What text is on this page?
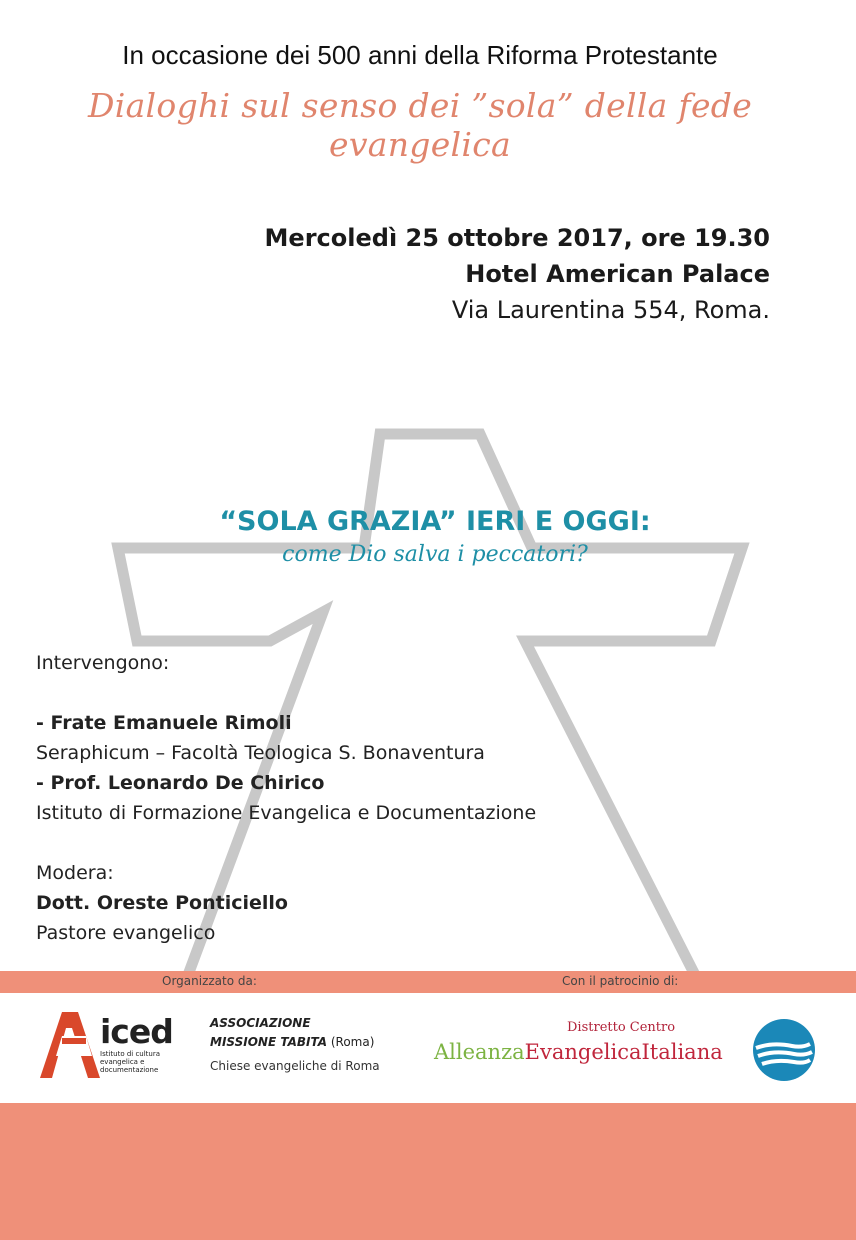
In occasione dei 500 anni della Riforma Protestante
Dialoghi sul senso dei ”sola” della fede evangelica
Mercoledì 25 ottobre 2017, ore 19.30
Hotel American Palace
Via Laurentina 554, Roma.
“SOLA GRAZIA” IERI E OGGI:
come Dio salva i peccatori?
Intervengono:
- Frate Emanuele Rimoli
Seraphicum – Facoltà Teologica S. Bonaventura
- Prof. Leonardo De Chirico
Istituto di Formazione Evangelica e Documentazione
Modera:
Dott. Oreste Ponticiello
Pastore evangelico
Organizzato da:	Con il patrocinio di:
iced
Istituto di cultura evangelica e documentazione
ASSOCIAZIONE
MISSIONE TABITA (Roma)
Chiese evangeliche di Roma
Distretto Centro
AlleanzaEvangelicaItaliana
